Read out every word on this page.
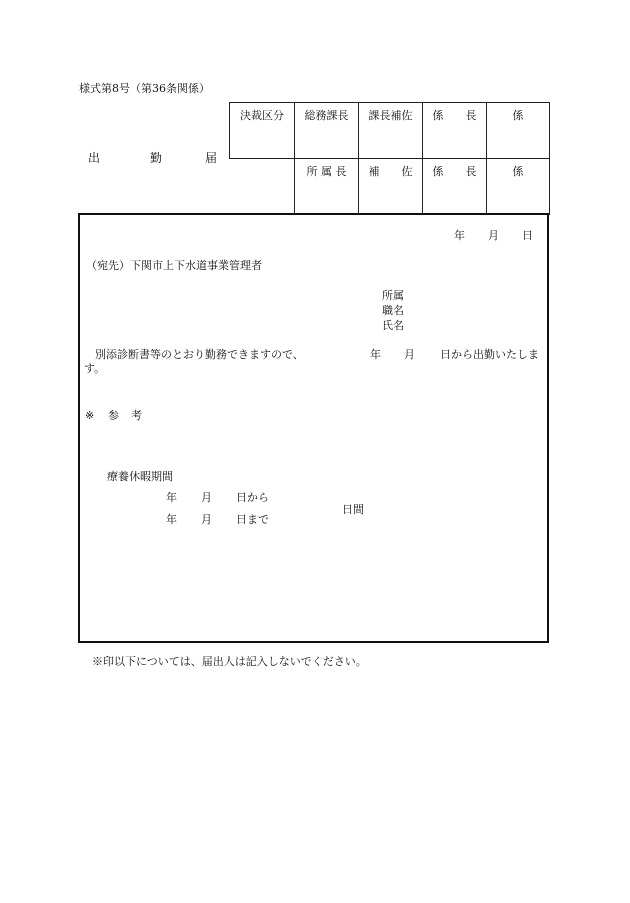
様式第8号（第36条関係）
出	勤	届
決裁区分	総務課長	課長補佐	係　　長	係
	所 属 長	補　　佐	係　　長	係
年 月 日
（宛先）下関市上下水道事業管理者
所属
職名
氏名
別添診断書等のとおり勤務できますので、	年 月 日から出勤いたしま
す。
※ 参 考
療養休暇期間
年 月 日から
年 月 日まで
日間
※印以下については、届出人は記入しないでください。
